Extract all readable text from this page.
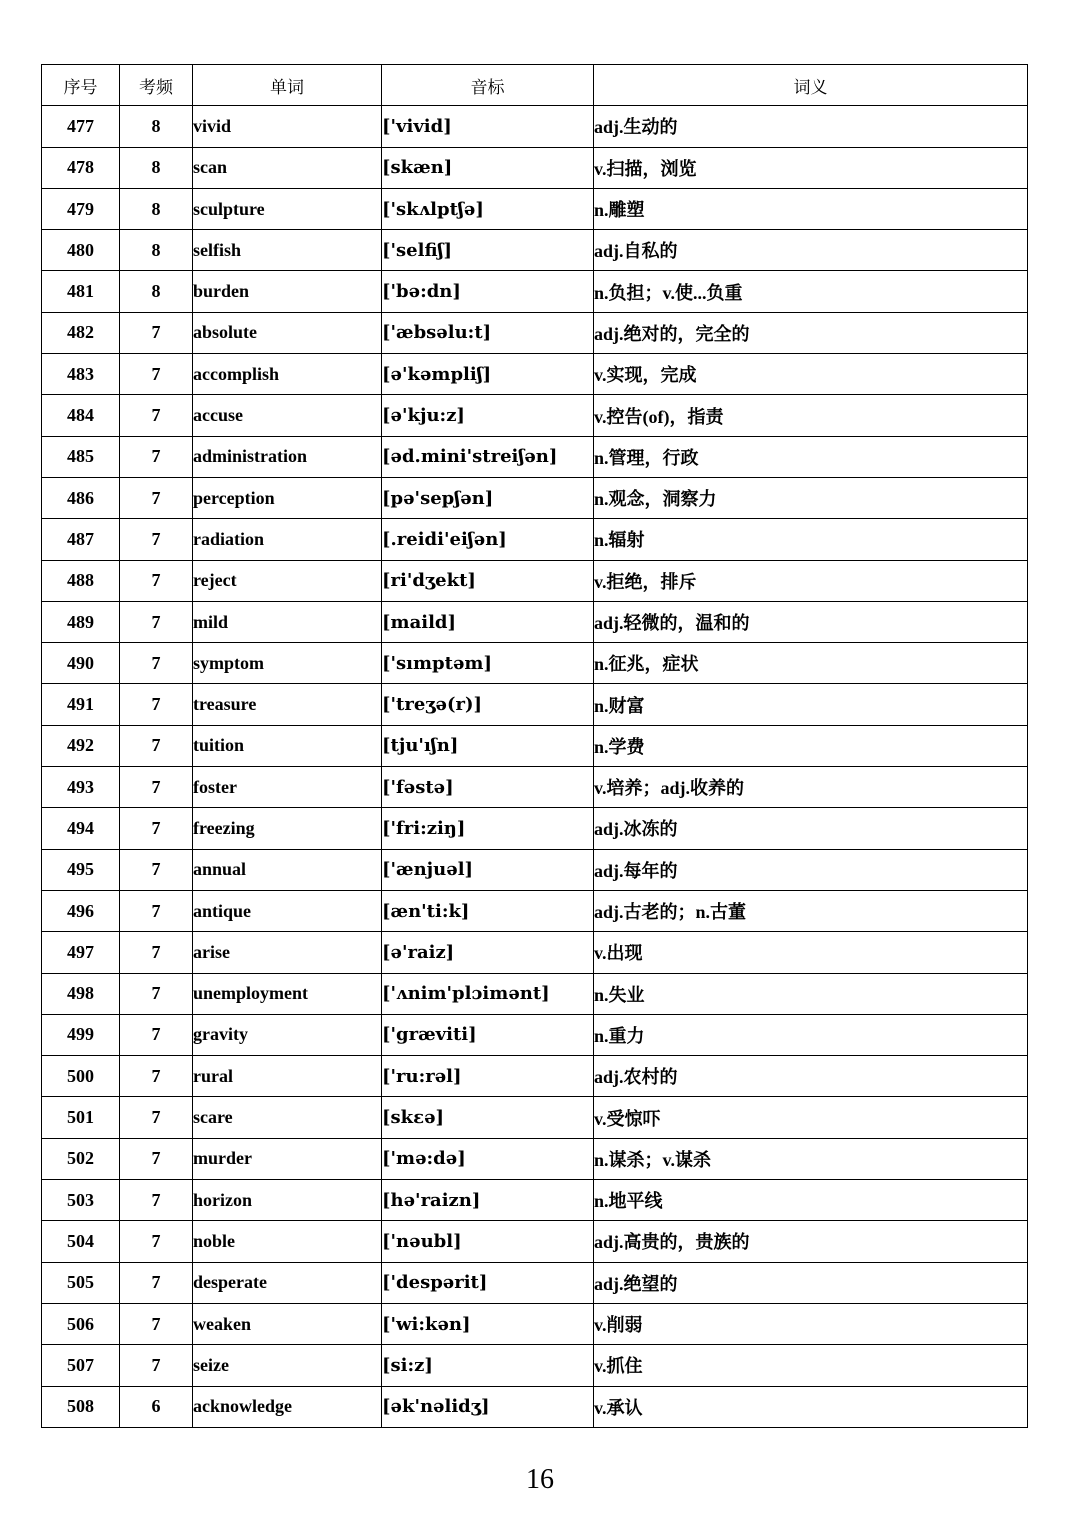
序号	考频	单词	音标	词义
477	8	vivid	['vivid]	adj.生动的
478	8	scan	[skæn]	v.扫描，浏览
479	8	sculpture	['skʌlptʃə]	n.雕塑
480	8	selfish	['selfiʃ]	adj.自私的
481	8	burden	['bə:dn]	n.负担；v.使...负重
482	7	absolute	['æbsəlu:t]	adj.绝对的，完全的
483	7	accomplish	[ə'kəmpliʃ]	v.实现，完成
484	7	accuse	[ə'kju:z]	v.控告(of)，指责
485	7	administration	[əd.mini'streiʃən]	n.管理，行政
486	7	perception	[pə'sepʃən]	n.观念，洞察力
487	7	radiation	[.reidi'eiʃən]	n.辐射
488	7	reject	[ri'dʒekt]	v.拒绝，排斥
489	7	mild	[maild]	adj.轻微的，温和的
490	7	symptom	['sımptəm]	n.征兆，症状
491	7	treasure	['treʒə(r)]	n.财富
492	7	tuition	[tju'ıʃn]	n.学费
493	7	foster	['fəstə]	v.培养；adj.收养的
494	7	freezing	['fri:ziŋ]	adj.冰冻的
495	7	annual	['ænjuəl]	adj.每年的
496	7	antique	[æn'ti:k]	adj.古老的；n.古董
497	7	arise	[ə'raiz]	v.出现
498	7	unemployment	['ʌnim'plɔimənt]	n.失业
499	7	gravity	['græviti]	n.重力
500	7	rural	['ru:rəl]	adj.农村的
501	7	scare	[skɛə]	v.受惊吓
502	7	murder	['mə:də]	n.谋杀；v.谋杀
503	7	horizon	[hə'raizn]	n.地平线
504	7	noble	['nəubl]	adj.高贵的，贵族的
505	7	desperate	['despərit]	adj.绝望的
506	7	weaken	['wi:kən]	v.削弱
507	7	seize	[si:z]	v.抓住
508	6	acknowledge	[ək'nəlidʒ]	v.承认
16
